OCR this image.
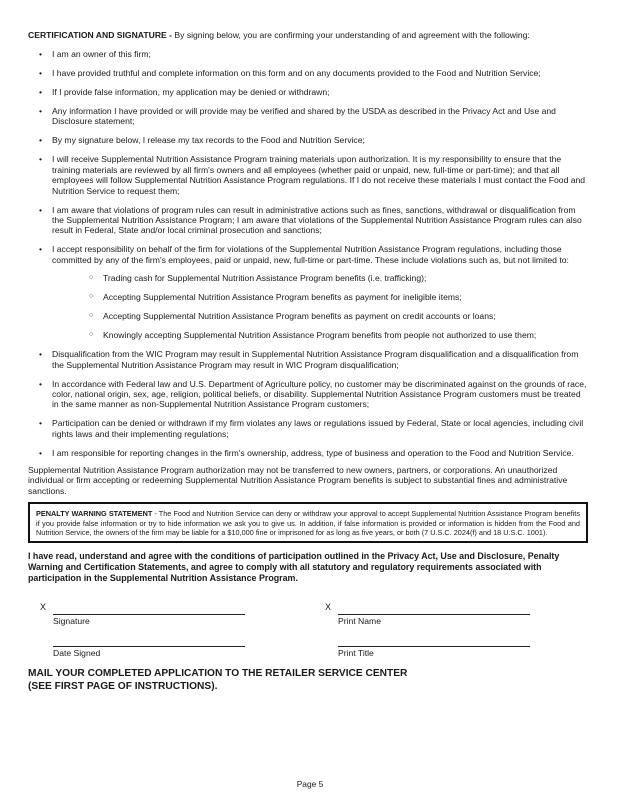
CERTIFICATION AND SIGNATURE - By signing below, you are confirming your understanding of and agreement with the following:

• I am an owner of this firm;
• I have provided truthful and complete information on this form and on any documents provided to the Food and Nutrition Service;
• If I provide false information, my application may be denied or withdrawn;
• Any information I have provided or will provide may be verified and shared by the USDA as described in the Privacy Act and Use and Disclosure statement;
• By my signature below, I release my tax records to the Food and Nutrition Service;
• I will receive Supplemental Nutrition Assistance Program training materials upon authorization. It is my responsibility to ensure that the training materials are reviewed by all firm's owners and all employees (whether paid or unpaid, new, full-time or part-time); and that all employees will follow Supplemental Nutrition Assistance Program regulations. If I do not receive these materials I must contact the Food and Nutrition Service to request them;
• I am aware that violations of program rules can result in administrative actions such as fines, sanctions, withdrawal or disqualification from the Supplemental Nutrition Assistance Program; I am aware that violations of the Supplemental Nutrition Assistance Program rules can also result in Federal, State and/or local criminal prosecution and sanctions;
• I accept responsibility on behalf of the firm for violations of the Supplemental Nutrition Assistance Program regulations, including those committed by any of the firm's employees, paid or unpaid, new, full-time or part-time. These include violations such as, but not limited to:
○ Trading cash for Supplemental Nutrition Assistance Program benefits (i.e. trafficking);
○ Accepting Supplemental Nutrition Assistance Program benefits as payment for ineligible items;
○ Accepting Supplemental Nutrition Assistance Program benefits as payment on credit accounts or loans;
○ Knowingly accepting Supplemental Nutrition Assistance Program benefits from people not authorized to use them;
• Disqualification from the WIC Program may result in Supplemental Nutrition Assistance Program disqualification and a disqualification from the Supplemental Nutrition Assistance Program may result in WIC Program disqualification;
• In accordance with Federal law and U.S. Department of Agriculture policy, no customer may be discriminated against on the grounds of race, color, national origin, sex, age, religion, political beliefs, or disability. Supplemental Nutrition Assistance Program customers must be treated in the same manner as non-Supplemental Nutrition Assistance Program customers;
• Participation can be denied or withdrawn if my firm violates any laws or regulations issued by Federal, State or local agencies, including civil rights laws and their implementing regulations;
• I am responsible for reporting changes in the firm's ownership, address, type of business and operation to the Food and Nutrition Service.

Supplemental Nutrition Assistance Program authorization may not be transferred to new owners, partners, or corporations. An unauthorized individual or firm accepting or redeeming Supplemental Nutrition Assistance Program benefits is subject to substantial fines and administrative sanctions.

PENALTY WARNING STATEMENT - The Food and Nutrition Service can deny or withdraw your approval to accept Supplemental Nutrition Assistance Program benefits if you provide false information or try to hide information we ask you to give us. In addition, if false information is provided or information is hidden from the Food and Nutrition Service, the owners of the firm may be liable for a $10,000 fine or imprisoned for as long as five years, or both (7 U.S.C. 2024(f) and 18 U.S.C. 1001).

I have read, understand and agree with the conditions of participation outlined in the Privacy Act, Use and Disclosure, Penalty Warning and Certification Statements, and agree to comply with all statutory and regulatory requirements associated with participation in the Supplemental Nutrition Assistance Program.

X
Signature
X
Print Name
Date Signed	Print Title
MAIL YOUR COMPLETED APPLICATION TO THE RETAILER SERVICE CENTER
(SEE FIRST PAGE OF INSTRUCTIONS).
Page 5
